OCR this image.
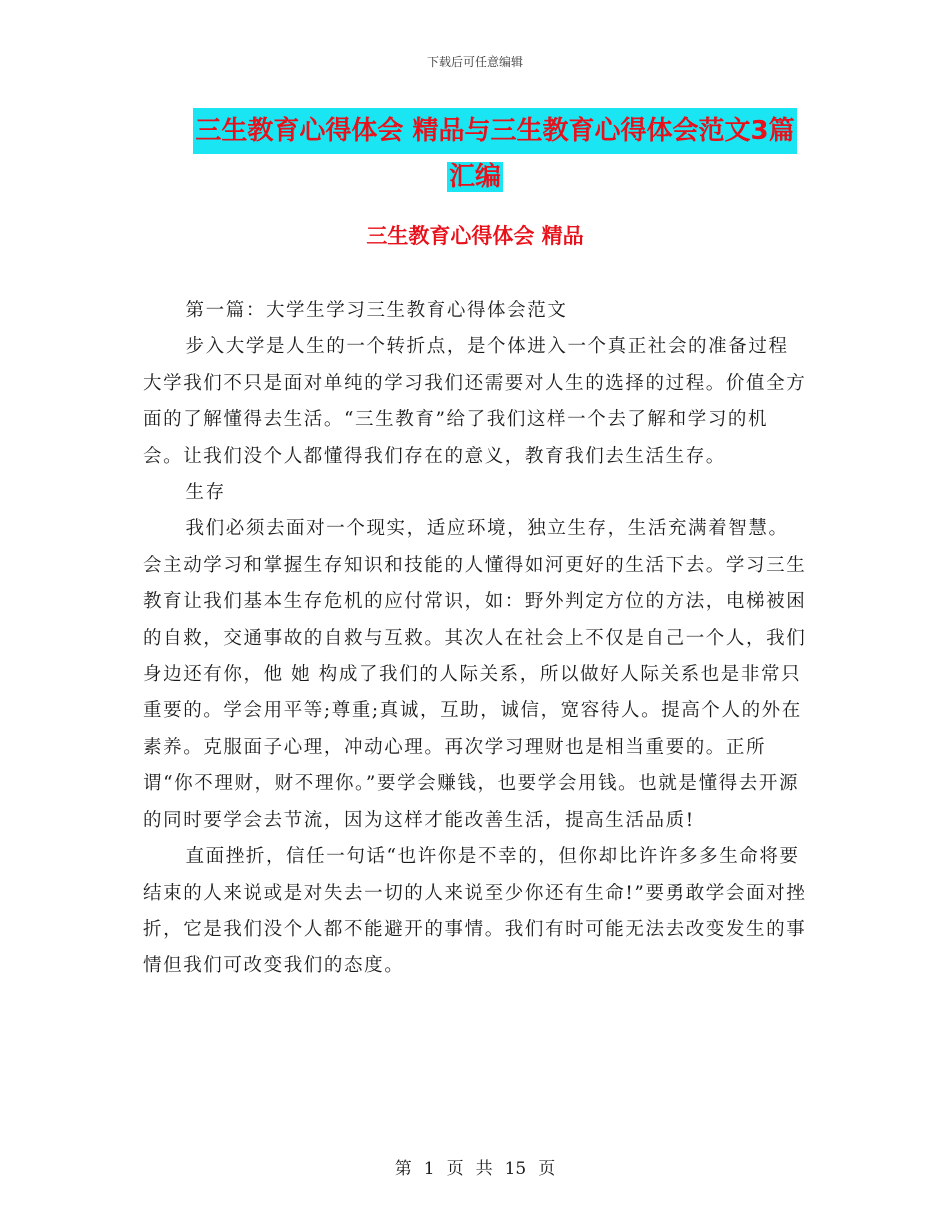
下载后可任意编辑
三生教育心得体会 精品与三生教育心得体会范文3篇
汇编
三生教育心得体会 精品

第一篇：大学生学习三生教育心得体会范文

步入大学是人生的一个转折点，是个体进入一个真正社会的准备过程大学我们不只是面对单纯的学习我们还需要对人生的选择的过程。价值全方面的了解懂得去生活。“三生教育”给了我们这样一个去了解和学习的机会。让我们没个人都懂得我们存在的意义，教育我们去生活生存。

生存

我们必须去面对一个现实，适应环境，独立生存，生活充满着智慧。会主动学习和掌握生存知识和技能的人懂得如河更好的生活下去。学习三生教育让我们基本生存危机的应付常识，如：野外判定方位的方法，电梯被困的自救，交通事故的自救与互救。其次人在社会上不仅是自己一个人，我们身边还有你，他 她 构成了我们的人际关系，所以做好人际关系也是非常只重要的。学会用平等;尊重;真诚，互助，诚信，宽容待人。提高个人的外在素养。克服面子心理，冲动心理。再次学习理财也是相当重要的。正所谓“你不理财，财不理你。”要学会赚钱，也要学会用钱。也就是懂得去开源的同时要学会去节流，因为这样才能改善生活，提高生活品质!

直面挫折，信任一句话“也许你是不幸的，但你却比许许多多生命将要结束的人来说或是对失去一切的人来说至少你还有生命!”要勇敢学会面对挫折，它是我们没个人都不能避开的事情。我们有时可能无法去改变发生的事情但我们可改变我们的态度。

第 1 页 共 15 页
